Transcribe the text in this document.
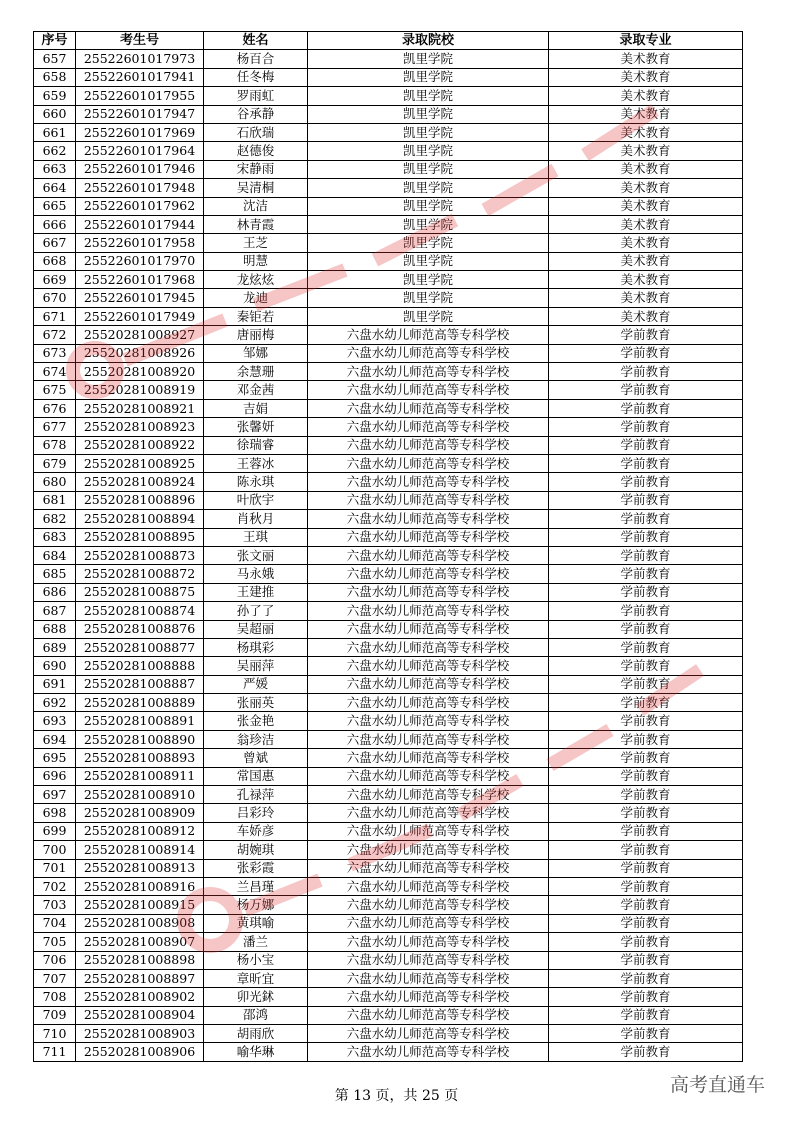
序号	考生号	姓名	录取院校	录取专业
657	25522601017973	杨百合	凯里学院	美术教育
658	25522601017941	任冬梅	凯里学院	美术教育
659	25522601017955	罗雨虹	凯里学院	美术教育
660	25522601017947	谷承静	凯里学院	美术教育
661	25522601017969	石欣瑞	凯里学院	美术教育
662	25522601017964	赵德俊	凯里学院	美术教育
663	25522601017946	宋静雨	凯里学院	美术教育
664	25522601017948	吴清桐	凯里学院	美术教育
665	25522601017962	沈洁	凯里学院	美术教育
666	25522601017944	林青霞	凯里学院	美术教育
667	25522601017958	王芝	凯里学院	美术教育
668	25522601017970	明慧	凯里学院	美术教育
669	25522601017968	龙炫炫	凯里学院	美术教育
670	25522601017945	龙迪	凯里学院	美术教育
671	25522601017949	秦钜若	凯里学院	美术教育
672	25520281008927	唐丽梅	六盘水幼儿师范高等专科学校	学前教育
673	25520281008926	邹娜	六盘水幼儿师范高等专科学校	学前教育
674	25520281008920	余慧珊	六盘水幼儿师范高等专科学校	学前教育
675	25520281008919	邓金茜	六盘水幼儿师范高等专科学校	学前教育
676	25520281008921	吉娟	六盘水幼儿师范高等专科学校	学前教育
677	25520281008923	张馨妍	六盘水幼儿师范高等专科学校	学前教育
678	25520281008922	徐瑞睿	六盘水幼儿师范高等专科学校	学前教育
679	25520281008925	王蓉冰	六盘水幼儿师范高等专科学校	学前教育
680	25520281008924	陈永琪	六盘水幼儿师范高等专科学校	学前教育
681	25520281008896	叶欣宇	六盘水幼儿师范高等专科学校	学前教育
682	25520281008894	肖秋月	六盘水幼儿师范高等专科学校	学前教育
683	25520281008895	王琪	六盘水幼儿师范高等专科学校	学前教育
684	25520281008873	张文丽	六盘水幼儿师范高等专科学校	学前教育
685	25520281008872	马永娥	六盘水幼儿师范高等专科学校	学前教育
686	25520281008875	王建推	六盘水幼儿师范高等专科学校	学前教育
687	25520281008874	孙了了	六盘水幼儿师范高等专科学校	学前教育
688	25520281008876	吴超丽	六盘水幼儿师范高等专科学校	学前教育
689	25520281008877	杨琪彩	六盘水幼儿师范高等专科学校	学前教育
690	25520281008888	吴丽萍	六盘水幼儿师范高等专科学校	学前教育
691	25520281008887	严媛	六盘水幼儿师范高等专科学校	学前教育
692	25520281008889	张丽英	六盘水幼儿师范高等专科学校	学前教育
693	25520281008891	张金艳	六盘水幼儿师范高等专科学校	学前教育
694	25520281008890	翁珍洁	六盘水幼儿师范高等专科学校	学前教育
695	25520281008893	曾斌	六盘水幼儿师范高等专科学校	学前教育
696	25520281008911	常国惠	六盘水幼儿师范高等专科学校	学前教育
697	25520281008910	孔禄萍	六盘水幼儿师范高等专科学校	学前教育
698	25520281008909	吕彩玲	六盘水幼儿师范高等专科学校	学前教育
699	25520281008912	车娇彦	六盘水幼儿师范高等专科学校	学前教育
700	25520281008914	胡婉琪	六盘水幼儿师范高等专科学校	学前教育
701	25520281008913	张彩霞	六盘水幼儿师范高等专科学校	学前教育
702	25520281008916	兰昌瑾	六盘水幼儿师范高等专科学校	学前教育
703	25520281008915	杨万娜	六盘水幼儿师范高等专科学校	学前教育
704	25520281008908	黄琪喻	六盘水幼儿师范高等专科学校	学前教育
705	25520281008907	潘兰	六盘水幼儿师范高等专科学校	学前教育
706	25520281008898	杨小宝	六盘水幼儿师范高等专科学校	学前教育
707	25520281008897	章昕宜	六盘水幼儿师范高等专科学校	学前教育
708	25520281008902	卯光鉥	六盘水幼儿师范高等专科学校	学前教育
709	25520281008904	邵鸿	六盘水幼儿师范高等专科学校	学前教育
710	25520281008903	胡雨欣	六盘水幼儿师范高等专科学校	学前教育
711	25520281008906	喻华琳	六盘水幼儿师范高等专科学校	学前教育
第 13 页，共 25 页	高考直通车
